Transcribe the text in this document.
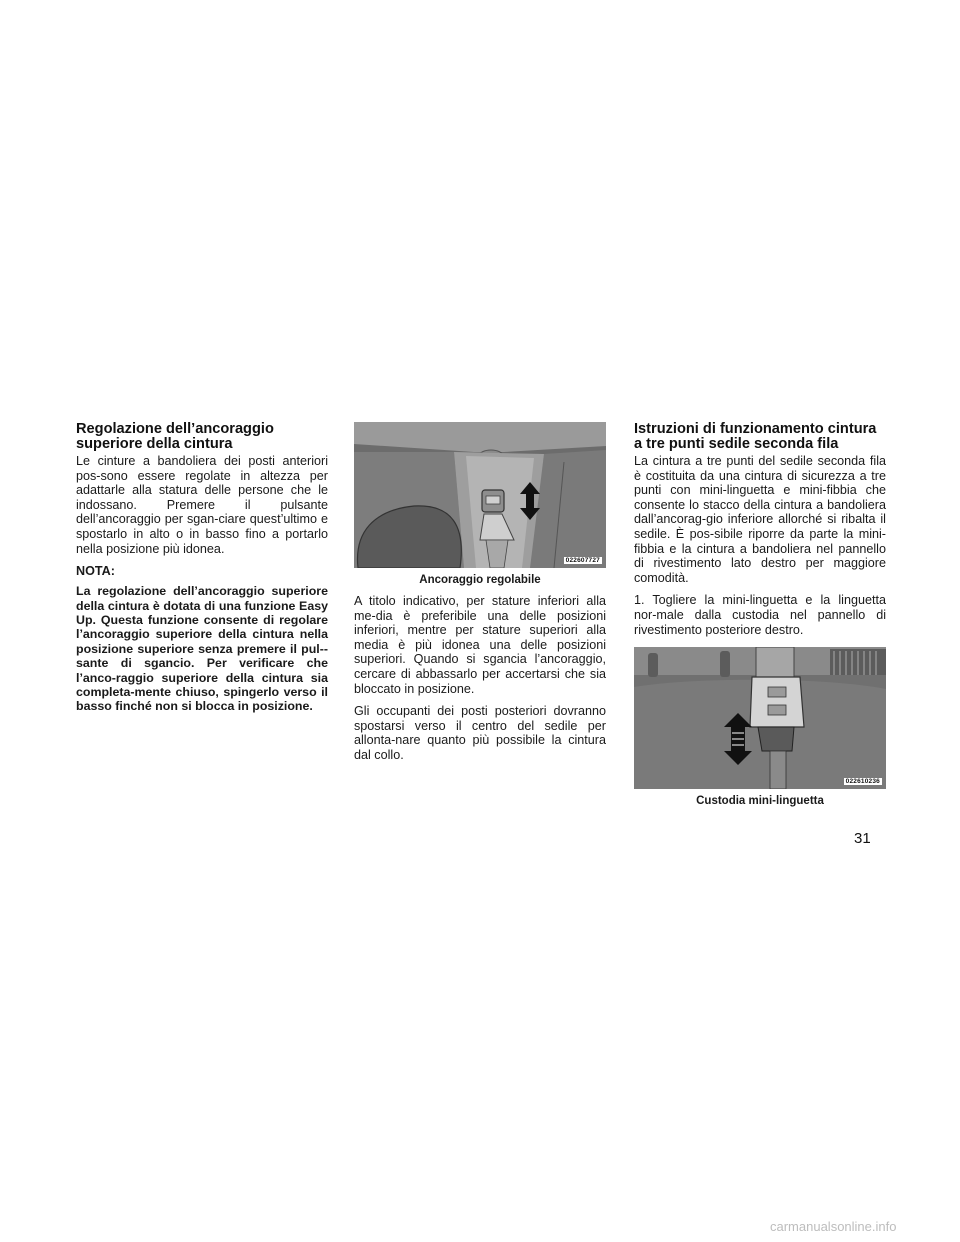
Regolazione dell’ancoraggio superiore della cintura

Le cinture a bandoliera dei posti anteriori pos-sono essere regolate in altezza per adattarle alla statura delle persone che le indossano. Premere il pulsante dell’ancoraggio per sgan-ciare quest’ultimo e spostarlo in alto o in basso fino a portarlo nella posizione più idonea.

NOTA:

La regolazione dell’ancoraggio superiore della cintura è dotata di una funzione Easy Up. Questa funzione consente di regolare l’ancoraggio superiore della cintura nella posizione superiore senza premere il pul-sante di sgancio. Per verificare che l’anco-raggio superiore della cintura sia completa-mente chiuso, spingerlo verso il basso finché non si blocca in posizione.

022607727
Ancoraggio regolabile

A titolo indicativo, per stature inferiori alla me-dia è preferibile una delle posizioni inferiori, mentre per stature superiori alla media è più idonea una delle posizioni superiori. Quando si sgancia l’ancoraggio, cercare di abbassarlo per accertarsi che sia bloccato in posizione.

Gli occupanti dei posti posteriori dovranno spostarsi verso il centro del sedile per allonta-nare quanto più possibile la cintura dal collo.

Istruzioni di funzionamento cintura a tre punti sedile seconda fila

La cintura a tre punti del sedile seconda fila è costituita da una cintura di sicurezza a tre punti con mini-linguetta e mini-fibbia che consente lo stacco della cintura a bandoliera dall’ancorag-gio inferiore allorché si ribalta il sedile. È pos-sibile riporre da parte la mini-fibbia e la cintura a bandoliera nel pannello di rivestimento lato destro per maggiore comodità.

1. Togliere la mini-linguetta e la linguetta nor-male dalla custodia nel pannello di rivestimento posteriore destro.

022610236
Custodia mini-linguetta
31
carmanualsonline.info
